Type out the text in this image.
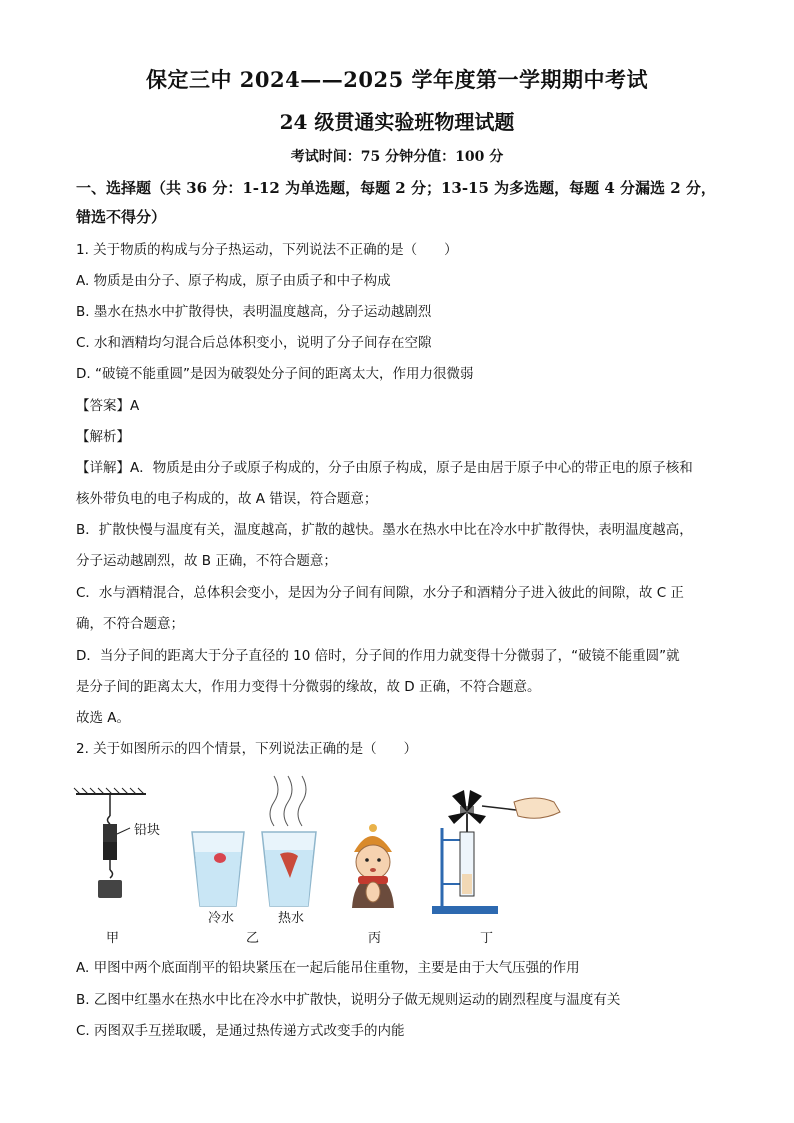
保定三中 2024——2025 学年度第一学期期中考试
24 级贯通实验班物理试题
考试时间：75 分钟分值：100 分
一、选择题（共 36 分：1-12 为单选题，每题 2 分；13-15 为多选题，每题 4 分漏选 2 分，
错选不得分）
1. 关于物质的构成与分子热运动，下列说法不正确的是（　　）
A. 物质是由分子、原子构成，原子由质子和中子构成
B. 墨水在热水中扩散得快，表明温度越高，分子运动越剧烈
C. 水和酒精均匀混合后总体积变小，说明了分子间存在空隙
D. “破镜不能重圆”是因为破裂处分子间的距离太大，作用力很微弱
【答案】A
【解析】
【详解】A．物质是由分子或原子构成的，分子由原子构成，原子是由居于原子中心的带正电的原子核和
核外带负电的电子构成的，故 A 错误，符合题意；
B．扩散快慢与温度有关，温度越高，扩散的越快。墨水在热水中比在冷水中扩散得快，表明温度越高，
分子运动越剧烈，故 B 正确，不符合题意；
C．水与酒精混合，总体积会变小，是因为分子间有间隙，水分子和酒精分子进入彼此的间隙，故 C 正
确，不符合题意；
D．当分子间的距离大于分子直径的 10 倍时，分子间的作用力就变得十分微弱了，“破镜不能重圆”就
是分子间的距离太大，作用力变得十分微弱的缘故，故 D 正确，不符合题意。
故选 A。
2. 关于如图所示的四个情景，下列说法正确的是（　　）
铅块
甲
冷水	热水
乙	丙	丁
A. 甲图中两个底面削平的铅块紧压在一起后能吊住重物，主要是由于大气压强的作用
B. 乙图中红墨水在热水中比在冷水中扩散快，说明分子做无规则运动的剧烈程度与温度有关
C. 丙图双手互搓取暖，是通过热传递方式改变手的内能
